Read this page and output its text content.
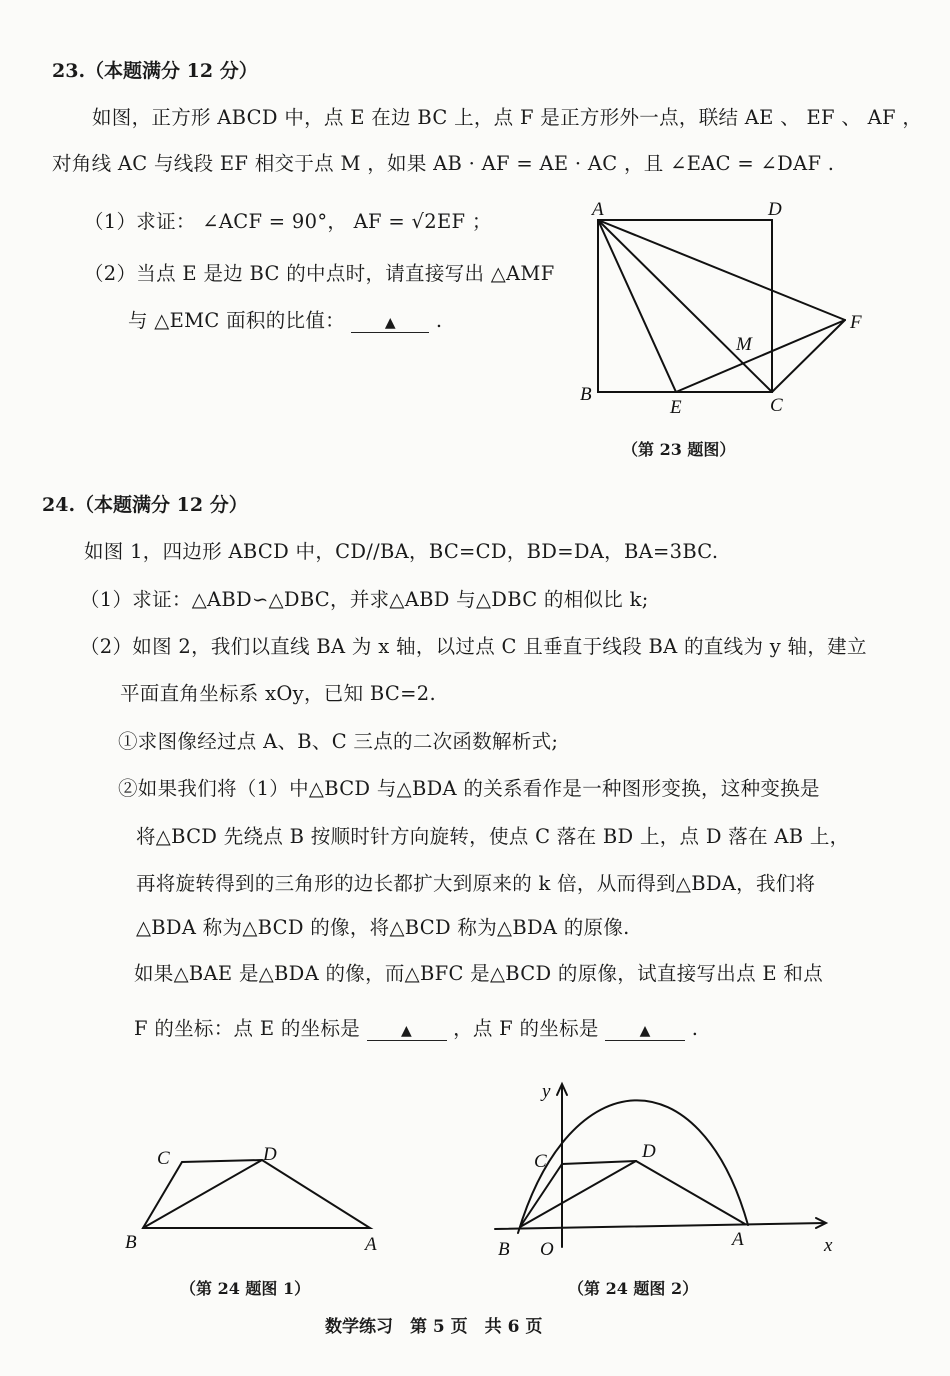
23.（本题满分 12 分）
如图，正方形 ABCD 中，点 E 在边 BC 上，点 F 是正方形外一点，联结 AE 、 EF 、 AF ，
对角线 AC 与线段 EF 相交于点 M ，如果 AB · AF = AE · AC ，且 ∠EAC = ∠DAF .
（1）求证： ∠ACF = 90°， AF = √2EF ；
（2）当点 E 是边 BC 的中点时，请直接写出 △AMF
与 △EMC 面积的比值：	▲ .
A	D
B
C
E
F
M
（第 23 题图）
24.（本题满分 12 分）
如图 1，四边形 ABCD 中，CD//BA，BC=CD，BD=DA，BA=3BC.
（1）求证：△ABD∽△DBC，并求△ABD 与△DBC 的相似比 k;
（2）如图 2，我们以直线 BA 为 x 轴，以过点 C 且垂直于线段 BA 的直线为 y 轴，建立
平面直角坐标系 xOy，已知 BC=2.
①求图像经过点 A、B、C 三点的二次函数解析式;
②如果我们将（1）中△BCD 与△BDA 的关系看作是一种图形变换，这种变换是
将△BCD 先绕点 B 按顺时针方向旋转，使点 C 落在 BD 上，点 D 落在 AB 上，
再将旋转得到的三角形的边长都扩大到原来的 k 倍，从而得到△BDA，我们将
△BDA 称为△BCD 的像，将△BCD 称为△BDA 的原像.
如果△BAE 是△BDA 的像，而△BFC 是△BCD 的原像，试直接写出点 E 和点
F 的坐标：点 E 的坐标是	▲ ，点 F 的坐标是	▲ .
B
C	D
A
（第 24 题图 1）
y
C	D
B O	A	x
（第 24 题图 2）
数学练习　第 5 页　共 6 页
